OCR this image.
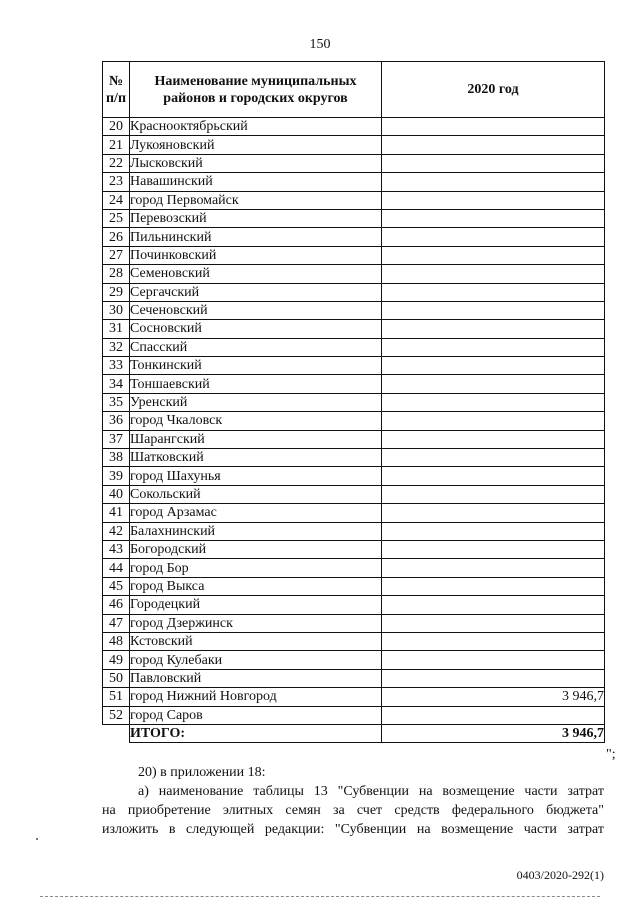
150
№ п/п	Наименование муниципальных районов и городских округов	2020 год
20	Краснооктябрьский	
21	Лукояновский	
22	Лысковский	
23	Навашинский	
24	город Первомайск	
25	Перевозский	
26	Пильнинский	
27	Починковский	
28	Семеновский	
29	Сергачский	
30	Сеченовский	
31	Сосновский	
32	Спасский	
33	Тонкинский	
34	Тоншаевский	
35	Уренский	
36	город Чкаловск	
37	Шарангский	
38	Шатковский	
39	город Шахунья	
40	Сокольский	
41	город Арзамас	
42	Балахнинский	
43	Богородский	
44	город Бор	
45	город Выкса	
46	Городецкий	
47	город Дзержинск	
48	Кстовский	
49	город Кулебаки	
50	Павловский	
51	город Нижний Новгород	3 946,7
52	город Саров	
	ИТОГО:	3 946,7
";
20) в приложении 18:
а) наименование таблицы 13 "Субвенции на возмещение части затрат
на приобретение элитных семян за счет средств федерального бюджета"
изложить в следующей редакции: "Субвенции на возмещение части затрат
0403/2020-292(1)
